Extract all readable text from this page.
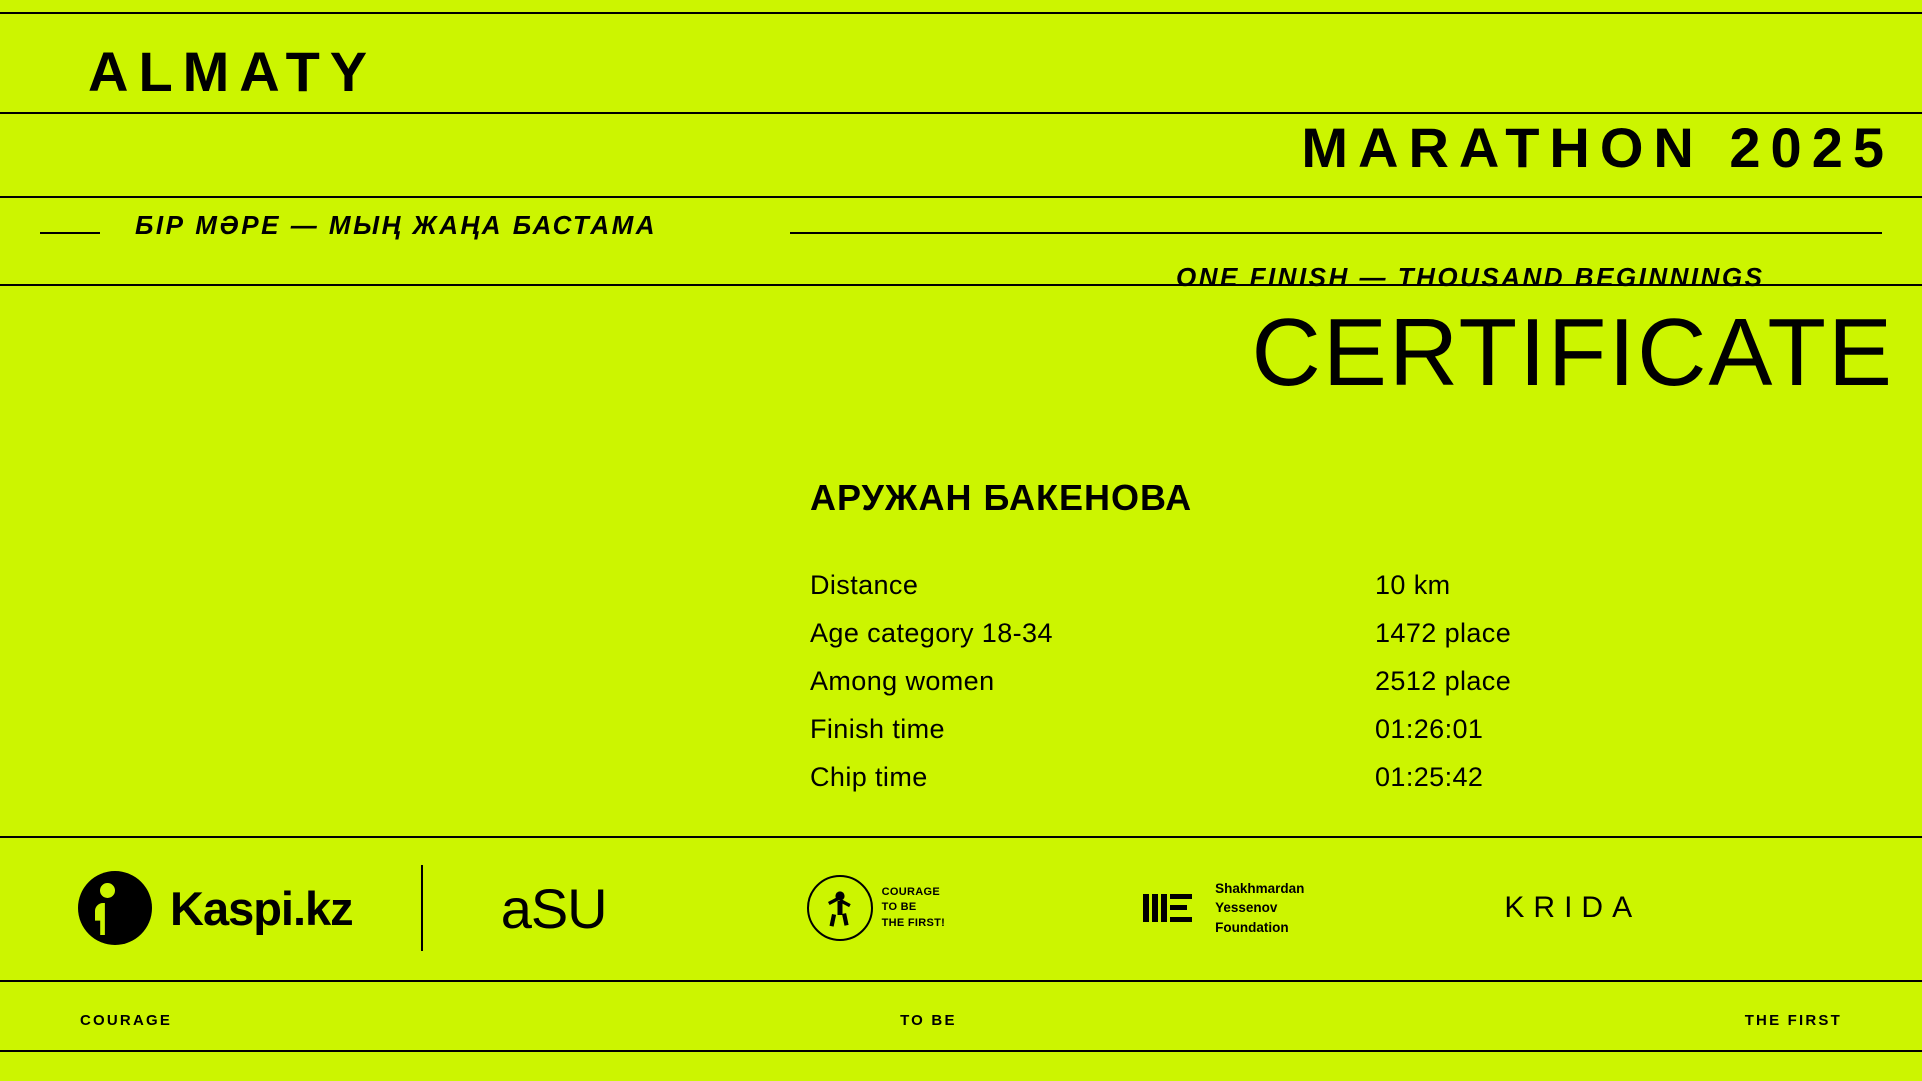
ALMATY
MARATHON 2025
БІР МӘРЕ — МЫҢ ЖАҢА БАСТАМА
ONE FINISH — THOUSAND BEGINNINGS
CERTIFICATE
АРУЖАН БАКЕНОВА
Distance	10 km
Age category 18-34	1472 place
Among women	2512 place
Finish time	01:26:01
Chip time	01:25:42
Kaspi.kz	aSU	COURAGE
TO BE
THE FIRST!
Shakhmardan
Yessenov
Foundation
KRIDA
COURAGE	TO BE	THE FIRST
